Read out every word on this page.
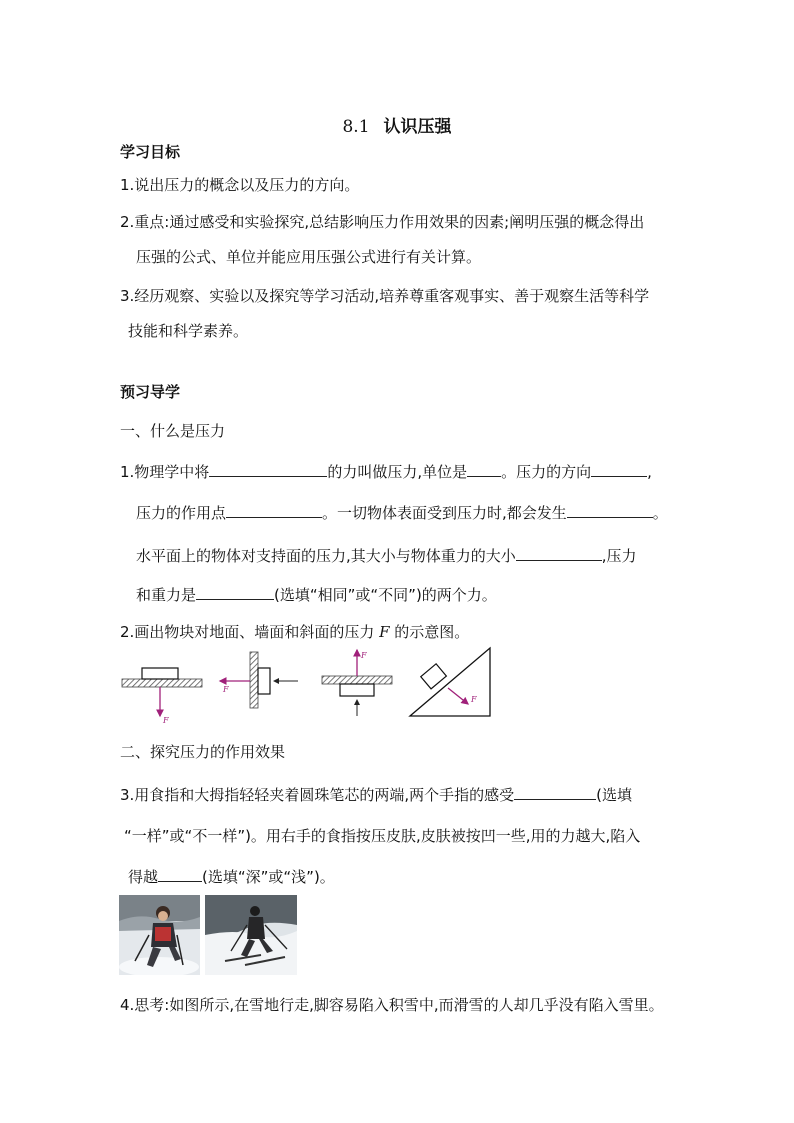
8.1 认识压强
学习目标
1.说出压力的概念以及压力的方向。
2.重点:通过感受和实验探究,总结影响压力作用效果的因素;阐明压强的概念得出
压强的公式、单位并能应用压强公式进行有关计算。
3.经历观察、实验以及探究等学习活动,培养尊重客观事实、善于观察生活等科学
技能和科学素养。
预习导学
一、什么是压力
1.物理学中将	的力叫做压力,单位是 。压力的方向	,
压力的作用点	。一切物体表面受到压力时,都会发生	。
水平面上的物体对支持面的压力,其大小与物体重力的大小	,压力
和重力是	(选填“相同”或“不同”)的两个力。
2.画出物块对地面、墙面和斜面的压力 F 的示意图。
F
F
F
F
二、探究压力的作用效果
3.用食指和大拇指轻轻夹着圆珠笔芯的两端,两个手指的感受	(选填
“一样”或“不一样”)。用右手的食指按压皮肤,皮肤被按凹一些,用的力越大,陷入
得越	(选填“深”或“浅”)。
4.思考:如图所示,在雪地行走,脚容易陷入积雪中,而滑雪的人却几乎没有陷入雪里。
